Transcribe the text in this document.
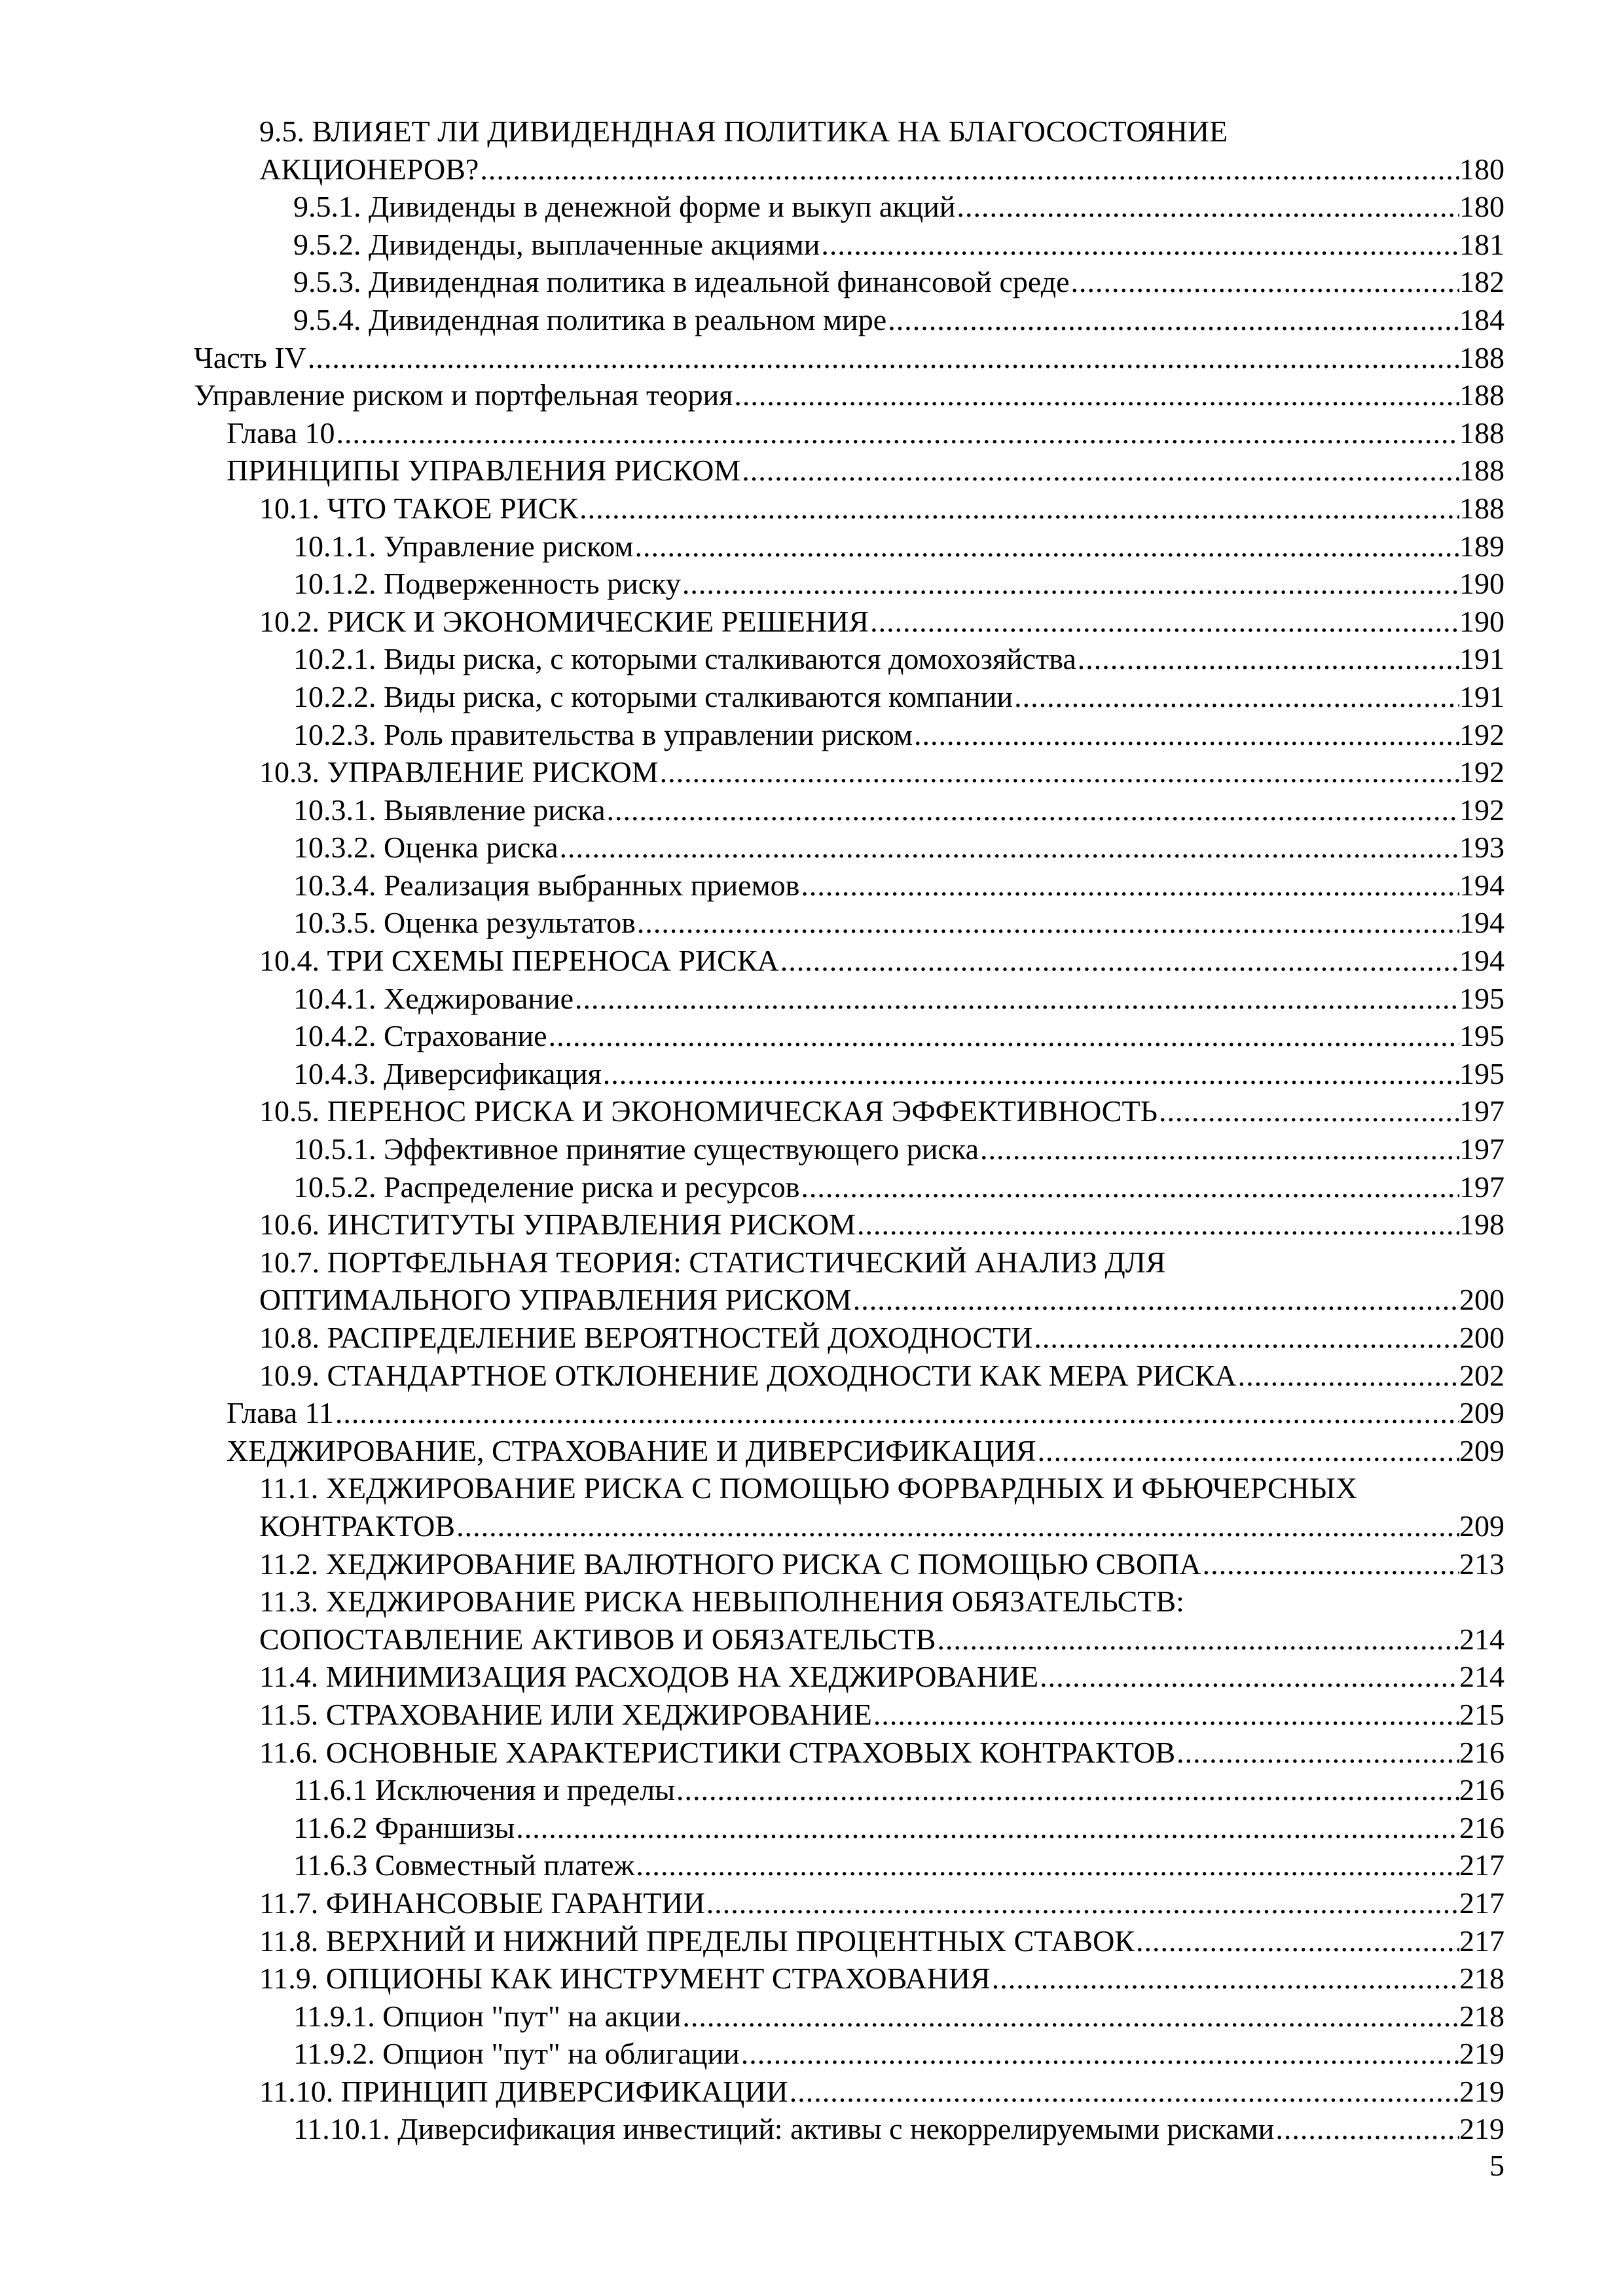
9.5. ВЛИЯЕТ ЛИ ДИВИДЕНДНАЯ ПОЛИТИКА НА БЛАГОСОСТОЯНИЕ
АКЦИОНЕРОВ? .....	180
9.5.1. Дивиденды в денежной форме и выкуп акций .....	180
9.5.2. Дивиденды, выплаченные акциями .....	181
9.5.3. Дивидендная политика в идеальной финансовой среде .....	182
9.5.4. Дивидендная политика в реальном мире .....	184
Часть IV .....	188
Управление риском и портфельная теория .....	188
Глава 10 .....	188
ПРИНЦИПЫ УПРАВЛЕНИЯ РИСКОМ .....	188
10.1. ЧТО ТАКОЕ РИСК .....	188
10.1.1. Управление риском .....	189
10.1.2. Подверженность риску .....	190
10.2. РИСК И ЭКОНОМИЧЕСКИЕ РЕШЕНИЯ .....	190
10.2.1. Виды риска, с которыми сталкиваются домохозяйства .....	191
10.2.2. Виды риска, с которыми сталкиваются компании .....	191
10.2.3. Роль правительства в управлении риском .....	192
10.3. УПРАВЛЕНИЕ РИСКОМ .....	192
10.3.1. Выявление риска .....	192
10.3.2. Оценка риска .....	193
10.3.4. Реализация выбранных приемов .....	194
10.3.5. Оценка результатов .....	194
10.4. ТРИ СХЕМЫ ПЕРЕНОСА РИСКА .....	194
10.4.1. Хеджирование .....	195
10.4.2. Страхование .....	195
10.4.3. Диверсификация .....	195
10.5. ПЕРЕНОС РИСКА И ЭКОНОМИЧЕСКАЯ ЭФФЕКТИВНОСТЬ .....	197
10.5.1. Эффективное принятие существующего риска .....	197
10.5.2. Распределение риска и ресурсов .....	197
10.6. ИНСТИТУТЫ УПРАВЛЕНИЯ РИСКОМ .....	198
10.7. ПОРТФЕЛЬНАЯ ТЕОРИЯ: СТАТИСТИЧЕСКИЙ АНАЛИЗ ДЛЯ
ОПТИМАЛЬНОГО УПРАВЛЕНИЯ РИСКОМ .....	200
10.8. РАСПРЕДЕЛЕНИЕ ВЕРОЯТНОСТЕЙ ДОХОДНОСТИ .....	200
10.9. СТАНДАРТНОЕ ОТКЛОНЕНИЕ ДОХОДНОСТИ КАК МЕРА РИСКА .....	202
Глава 11 .....	209
ХЕДЖИРОВАНИЕ, СТРАХОВАНИЕ И ДИВЕРСИФИКАЦИЯ .....	209
11.1. ХЕДЖИРОВАНИЕ РИСКА С ПОМОЩЬЮ ФОРВАРДНЫХ И ФЬЮЧЕРСНЫХ
КОНТРАКТОВ .....	209
11.2. ХЕДЖИРОВАНИЕ ВАЛЮТНОГО РИСКА С ПОМОЩЬЮ СВОПА .....	213
11.3. ХЕДЖИРОВАНИЕ РИСКА НЕВЫПОЛНЕНИЯ ОБЯЗАТЕЛЬСТВ:
СОПОСТАВЛЕНИЕ АКТИВОВ И ОБЯЗАТЕЛЬСТВ .....	214
11.4. МИНИМИЗАЦИЯ РАСХОДОВ НА ХЕДЖИРОВАНИЕ .....	214
11.5. СТРАХОВАНИЕ ИЛИ ХЕДЖИРОВАНИЕ .....	215
11.6. ОСНОВНЫЕ ХАРАКТЕРИСТИКИ СТРАХОВЫХ КОНТРАКТОВ .....	216
11.6.1 Исключения и пределы .....	216
11.6.2 Франшизы .....	216
11.6.3 Совместный платеж .....	217
11.7. ФИНАНСОВЫЕ ГАРАНТИИ .....	217
11.8. ВЕРХНИЙ И НИЖНИЙ ПРЕДЕЛЫ ПРОЦЕНТНЫХ СТАВОК .....	217
11.9. ОПЦИОНЫ КАК ИНСТРУМЕНТ СТРАХОВАНИЯ .....	218
11.9.1. Опцион "пут" на акции .....	218
11.9.2. Опцион "пут" на облигации .....	219
11.10. ПРИНЦИП ДИВЕРСИФИКАЦИИ .....	219
11.10.1. Диверсификация инвестиций: активы с некоррелируемыми рисками .....	219
5
